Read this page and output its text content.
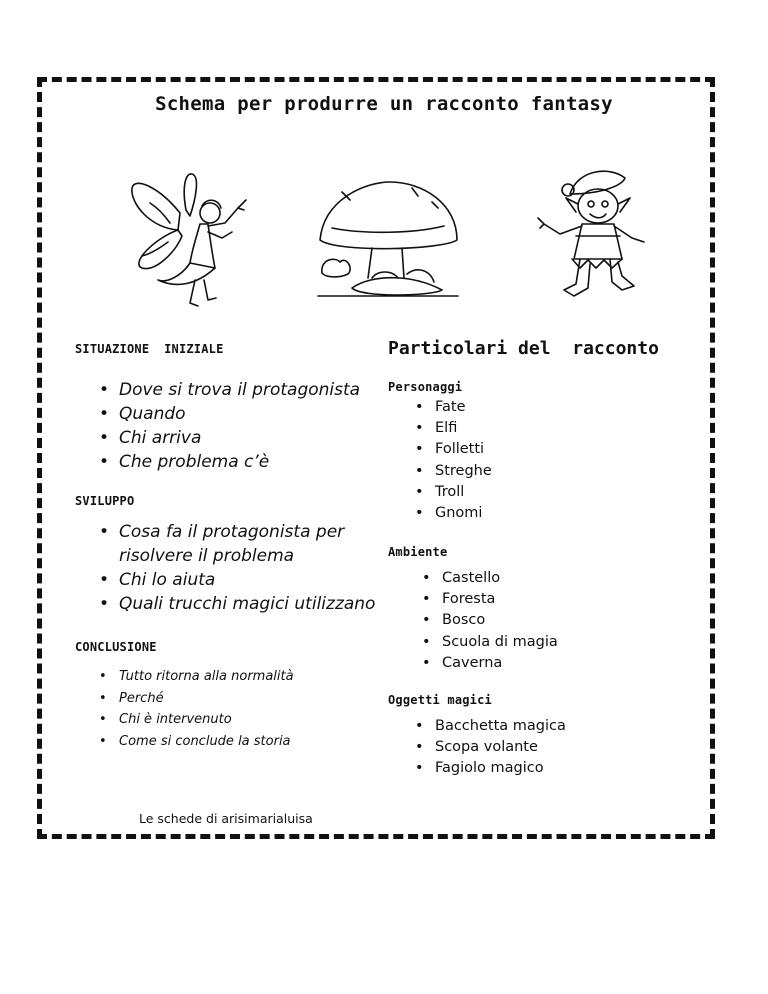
Schema per produrre un racconto fantasy
SITUAZIONE  INIZIALE
• Dove si trova il protagonista
• Quando
• Chi arriva
• Che problema c’è
SVILUPPO
• Cosa fa il protagonista per risolvere il problema
• Chi lo aiuta
• Quali trucchi magici utilizzano
CONCLUSIONE
• Tutto ritorna alla normalità
• Perché
• Chi è intervenuto
• Come si conclude la storia
Particolari del  racconto
Personaggi
• Fate
• Elfi
• Folletti
• Streghe
• Troll
• Gnomi
Ambiente
• Castello
• Foresta
• Bosco
• Scuola di magia
• Caverna
Oggetti magici
• Bacchetta magica
• Scopa volante
• Fagiolo magico
Le schede di arisimarialuisa
